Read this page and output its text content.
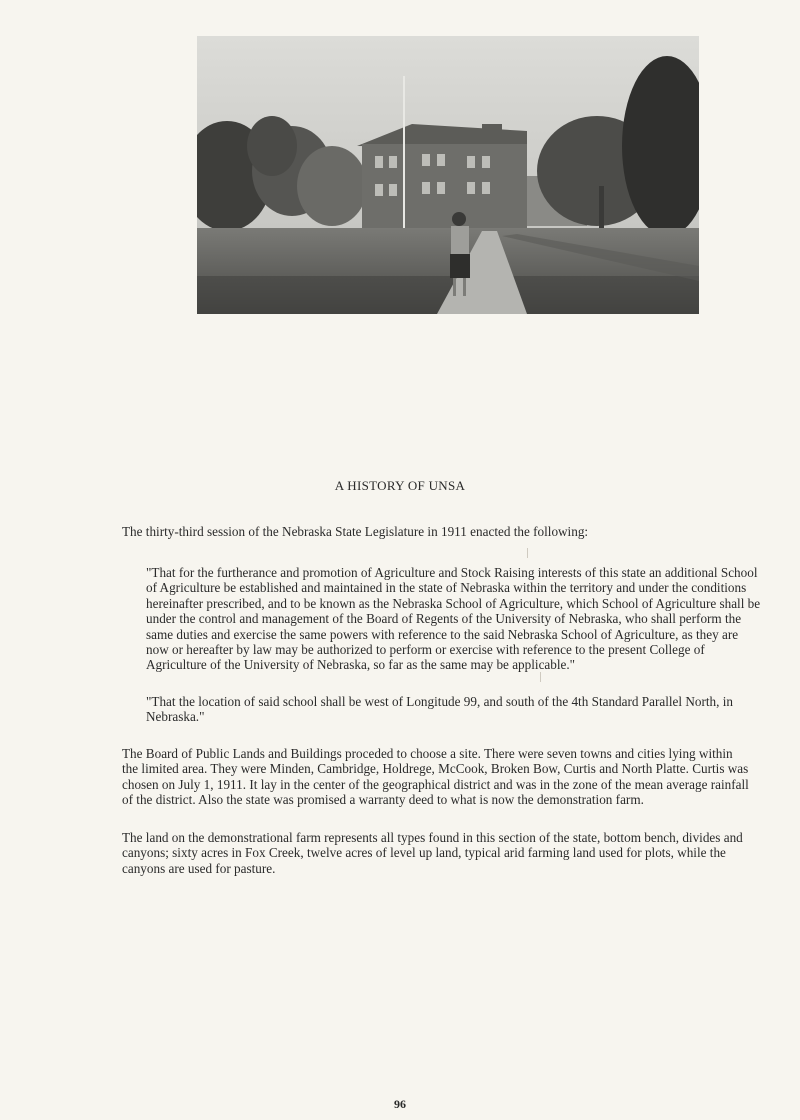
A HISTORY OF UNSA

The thirty-third session of the Nebraska State Legislature in 1911 enacted the following:

"That for the furtherance and promotion of Agriculture and Stock Raising interests of this state an additional School of Agriculture be established and maintained in the state of Nebraska within the territory and under the conditions hereinafter prescribed, and to be known as the Nebraska School of Agriculture, which School of Agriculture shall be under the control and management of the Board of Regents of the University of Nebraska, who shall perform the same duties and exercise the same powers with reference to the said Nebraska School of Agriculture, as they are now or hereafter by law may be authorized to perform or exercise with reference to the present College of Agriculture of the University of Nebraska, so far as the same may be applicable."

"That the location of said school shall be west of Longitude 99, and south of the 4th Standard Parallel North, in Nebraska."

The Board of Public Lands and Buildings proceded to choose a site. There were seven towns and cities lying within the limited area. They were Minden, Cambridge, Holdrege, McCook, Broken Bow, Curtis and North Platte. Curtis was chosen on July 1, 1911. It lay in the center of the geographical district and was in the zone of the mean average rainfall of the district. Also the state was promised a warranty deed to what is now the demonstration farm.

The land on the demonstrational farm represents all types found in this section of the state, bottom bench, divides and canyons; sixty acres in Fox Creek, twelve acres of level up land, typical arid farming land used for plots, while the canyons are used for pasture.

96
